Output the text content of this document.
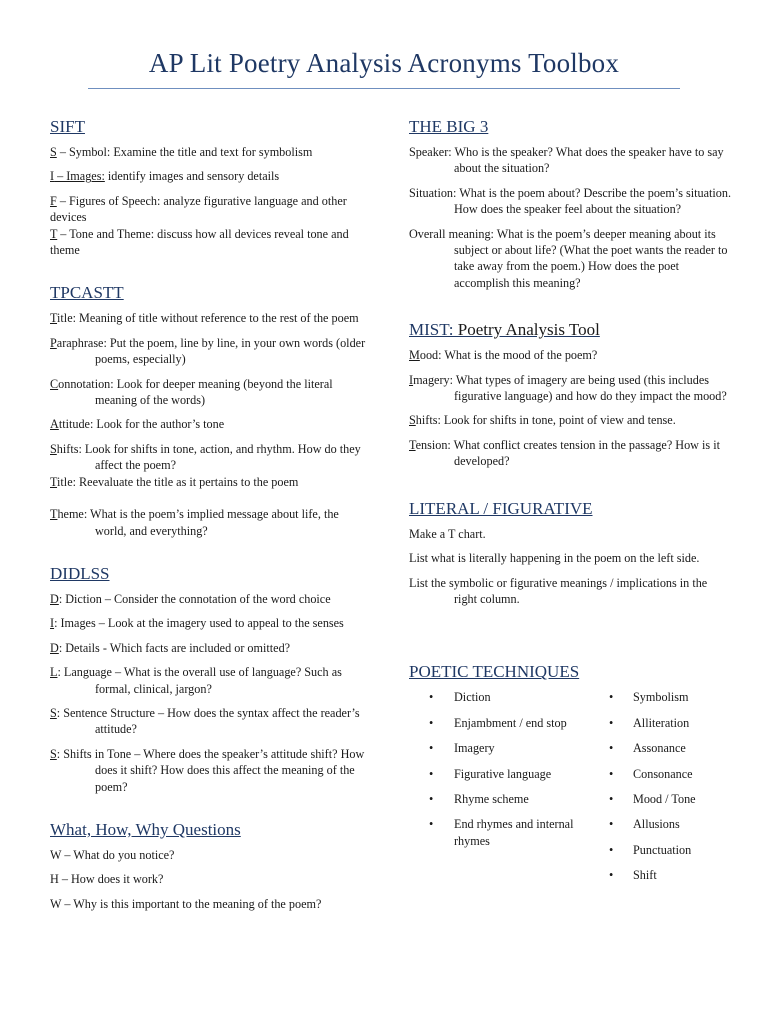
AP Lit Poetry Analysis Acronyms Toolbox
SIFT
S – Symbol: Examine the title and text for symbolism
I – Images: identify images and sensory details
F – Figures of Speech: analyze figurative language and other devices
T – Tone and Theme: discuss how all devices reveal tone and theme
TPCASTT
Title: Meaning of title without reference to the rest of the poem
Paraphrase: Put the poem, line by line, in your own words (older poems, especially)
Connotation: Look for deeper meaning (beyond the literal meaning of the words)
Attitude: Look for the author’s tone
Shifts: Look for shifts in tone, action, and rhythm. How do they affect the poem?
Title: Reevaluate the title as it pertains to the poem
Theme: What is the poem’s implied message about life, the world, and everything?
DIDLSS
D: Diction – Consider the connotation of the word choice
I: Images – Look at the imagery used to appeal to the senses
D: Details - Which facts are included or omitted?
L: Language – What is the overall use of language? Such as formal, clinical, jargon?
S: Sentence Structure – How does the syntax affect the reader’s attitude?
S: Shifts in Tone – Where does the speaker’s attitude shift? How does it shift? How does this affect the meaning of the poem?
What, How, Why Questions
W – What do you notice?
H – How does it work?
W – Why is this important to the meaning of the poem?
THE BIG 3
Speaker: Who is the speaker? What does the speaker have to say about the situation?
Situation: What is the poem about? Describe the poem’s situation. How does the speaker feel about the situation?
Overall meaning: What is the poem’s deeper meaning about its subject or about life? (What the poet wants the reader to take away from the poem.) How does the poet accomplish this meaning?
MIST: Poetry Analysis Tool
Mood: What is the mood of the poem?
Imagery: What types of imagery are being used (this includes figurative language) and how do they impact the mood?
Shifts: Look for shifts in tone, point of view and tense.
Tension: What conflict creates tension in the passage? How is it developed?
LITERAL / FIGURATIVE
Make a T chart.
List what is literally happening in the poem on the left side.
List the symbolic or figurative meanings / implications in the right column.
POETIC TECHNIQUES
• Diction
• Enjambment / end stop
• Imagery
• Figurative language
• Rhyme scheme
• End rhymes and internal rhymes
• Symbolism
• Alliteration
• Assonance
• Consonance
• Mood / Tone
• Allusions
• Punctuation
• Shift
